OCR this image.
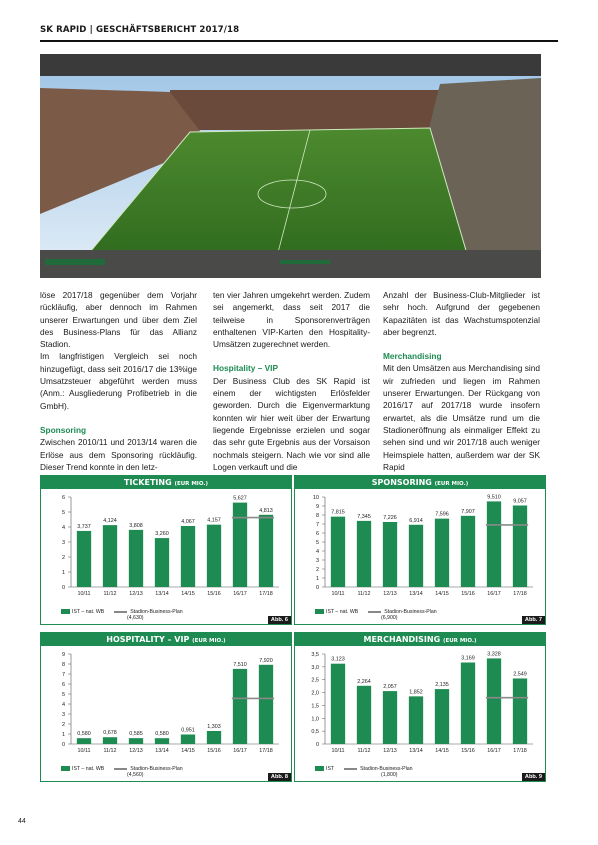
SK RAPID | GESCHÄFTSBERICHT 2017/18

löse 2017/18 gegenüber dem Vorjahr rückläufig, aber dennoch im Rahmen unserer Erwartungen und über dem Ziel des Business-Plans für das Allianz Stadion.

Im langfristigen Vergleich sei noch hinzugefügt, dass seit 2016/17 die 13%ige Umsatzsteuer abgeführt werden muss (Anm.: Ausgliederung Profibetrieb in die GmbH).

Sponsoring

Zwischen 2010/11 und 2013/14 waren die Erlöse aus dem Sponsoring rückläufig. Dieser Trend konnte in den letz-

ten vier Jahren umgekehrt werden. Zudem sei angemerkt, dass seit 2017 die teilweise in Sponsorenverträgen enthaltenen VIP-Karten den Hospitality-Umsätzen zugerechnet werden.

Hospitality – VIP

Der Business Club des SK Rapid ist einem der wichtigsten Erlösfelder geworden. Durch die Eigenvermarktung konnten wir hier weit über der Erwartung liegende Ergebnisse erzielen und sogar das sehr gute Ergebnis aus der Vorsaison nochmals steigern. Nach wie vor sind alle Logen verkauft und die

Anzahl der Business-Club-Mitglieder ist sehr hoch. Aufgrund der gegebenen Kapazitäten ist das Wachstumspotenzial aber begrenzt.

Merchandising

Mit den Umsätzen aus Merchandising sind wir zufrieden und liegen im Rahmen unserer Erwartungen. Der Rückgang von 2016/17 auf 2017/18 wurde insofern erwartet, als die Umsätze rund um die Stadioneröffnung als einmaliger Effekt zu sehen sind und wir 2017/18 auch weniger Heimspiele hatten, außerdem war der SK Rapid

TICKETING (EUR MIO.)
0
1
2
3
4
5
6
3,737
10/11
4,124
11/12
3,808
12/13
3,260
13/14
4,067
14/15
4,157
15/16
5,627
16/17
4,813
17/18
IST – nat. WB	Stadion-Business-Plan
(4,630)	Abb. 6
SPONSORING (EUR MIO.)
0
1
2
3
4
5
6
7
8
9
10
7,815
10/11
7,345
11/12
7,226
12/13
6,914
13/14
7,596
14/15
7,907
15/16
9,510
16/17
9,057
17/18
IST – nat. WB	Stadion-Business-Plan
(6,900)	Abb. 7
HOSPITALITY – VIP (EUR MIO.)
0
1
2
3
4
5
6
7
8
9
0,580
10/11
0,678
11/12
0,585
12/13
0,580
13/14
0,951
14/15
1,303
15/16
7,510
16/17
7,920
17/18
IST – nat. WB	Stadion-Business-Plan
(4,560)	Abb. 8
MERCHANDISING (EUR MIO.)
0
0,5
1,0
1,5
2,0
2,5
3,0
3,5
3,123
10/11
2,264
11/12
2,057
12/13
1,852
13/14
2,135
14/15
3,169
15/16
3,328
16/17
2,549
17/18
IST	Stadion-Business-Plan
(1,800)	Abb. 9
44
